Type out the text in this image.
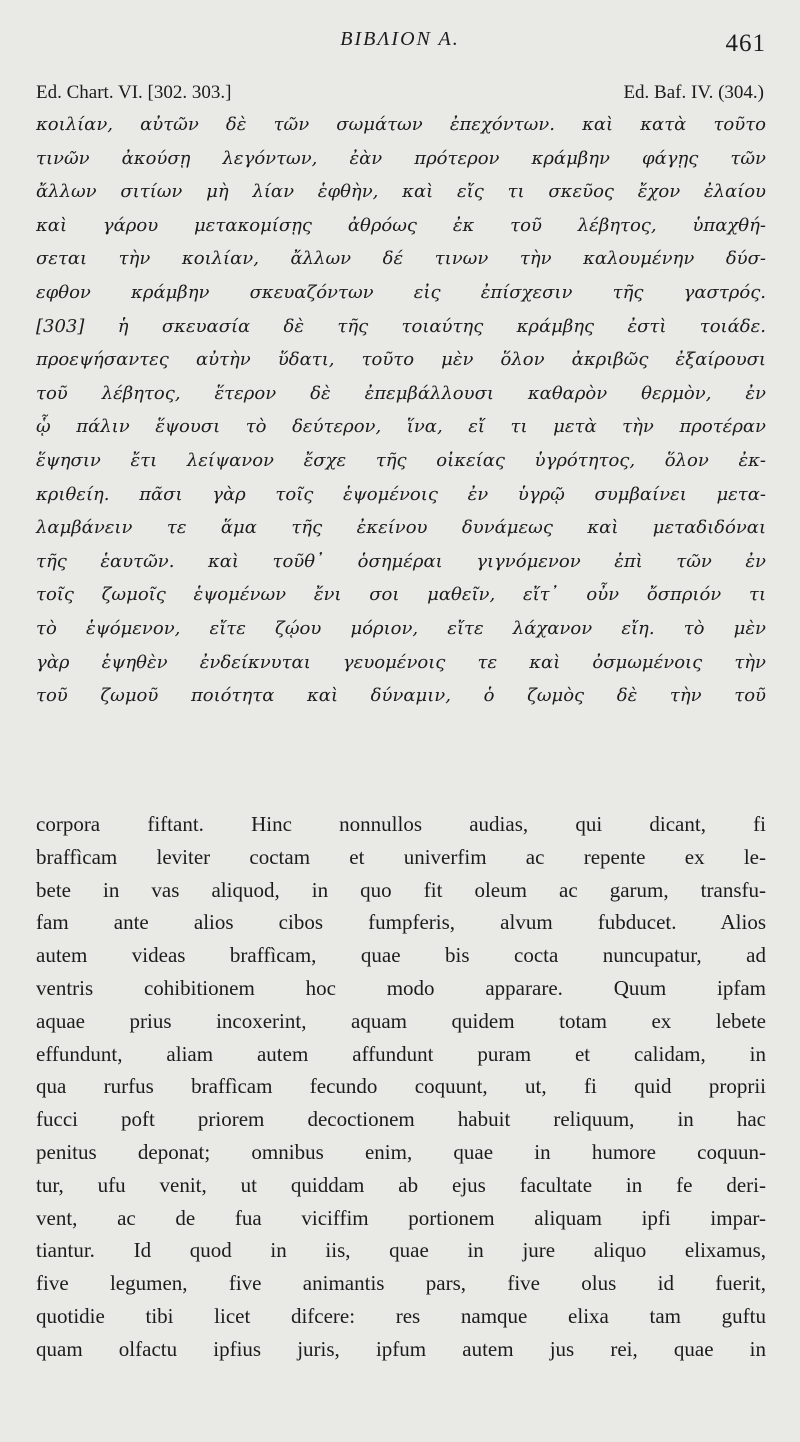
ΒΙΒΛΙΟΝ Α.	461
Ed. Chart. VI. [302. 303.]	Ed. Baf. IV. (304.)
κοιλίαν, αὐτῶν δὲ τῶν σωμάτων ἐπεχόντων. καὶ κατὰ τοῦτο
τινῶν ἀκούσῃ λεγόντων, ἐὰν πρότερον κράμβην φάγῃς τῶν
ἄλλων σιτίων μὴ λίαν ἑφθὴν, καὶ εἴς τι σκεῦος ἔχον ἐλαίου
καὶ γάρου μετακομίσῃς ἀθρόως ἐκ τοῦ λέβητος, ὑπαχθή-
σεται τὴν κοιλίαν, ἄλλων δέ τινων τὴν καλουμένην δύσ-
εφθον κράμβην σκευαζόντων εἰς ἐπίσχεσιν τῆς γαστρός.
[303] ἡ σκευασία δὲ τῆς τοιαύτης κράμβης ἐστὶ τοιάδε.
προεψήσαντες αὐτὴν ὕδατι, τοῦτο μὲν ὅλον ἀκριβῶς ἐξαίρουσι
τοῦ λέβητος, ἕτερον δὲ ἐπεμβάλλουσι καθαρὸν θερμὸν, ἐν
ᾧ πάλιν ἕψουσι τὸ δεύτερον, ἵνα, εἴ τι μετὰ τὴν προτέραν
ἕψησιν ἔτι λείψανον ἔσχε τῆς οἰκείας ὑγρότητος, ὅλον ἐκ-
κριθείη. πᾶσι γὰρ τοῖς ἑψομένοις ἐν ὑγρῷ συμβαίνει μετα-
λαμβάνειν τε ἅμα τῆς ἐκείνου δυνάμεως καὶ μεταδιδόναι
τῆς ἑαυτῶν. καὶ τοῦθ᾽ ὁσημέραι γιγνόμενον ἐπὶ τῶν ἐν
τοῖς ζωμοῖς ἑψομένων ἔνι σοι μαθεῖν, εἴτ᾽ οὖν ὄσπριόν τι
τὸ ἑψόμενον, εἴτε ζῴου μόριον, εἴτε λάχανον εἴη. τὸ μὲν
γὰρ ἑψηθὲν ἐνδείκνυται γευομένοις τε καὶ ὀσμωμένοις τὴν
τοῦ ζωμοῦ ποιότητα καὶ δύναμιν, ὁ ζωμὸς δὲ τὴν τοῦ
corpora fiftant. Hinc nonnullos audias, qui dicant, fi
braffìcam leviter coctam et univerfim ac repente ex le-
bete in vas aliquod, in quo fit oleum ac garum, transfu-
fam ante alios cibos fumpferis, alvum fubducet. Alios
autem videas braffìcam, quae bis cocta nuncupatur, ad
ventris cohibitionem hoc modo apparare. Quum ipfam
aquae prius incoxerint, aquam quidem totam ex lebete
effundunt, aliam autem affundunt puram et calidam, in
qua rurfus braffìcam fecundo coquunt, ut, fi quid proprii
fucci poft priorem decoctionem habuit reliquum, in hac
penitus deponat; omnibus enim, quae in humore coquun-
tur, ufu venit, ut quiddam ab ejus facultate in fe deri-
vent, ac de fua viciffim portionem aliquam ipfi impar-
tiantur. Id quod in iis, quae in jure aliquo elixamus,
five legumen, five animantis pars, five olus id fuerit,
quotidie tibi licet difcere: res namque elixa tam guftu
quam olfactu ipfius juris, ipfum autem jus rei, quae in
